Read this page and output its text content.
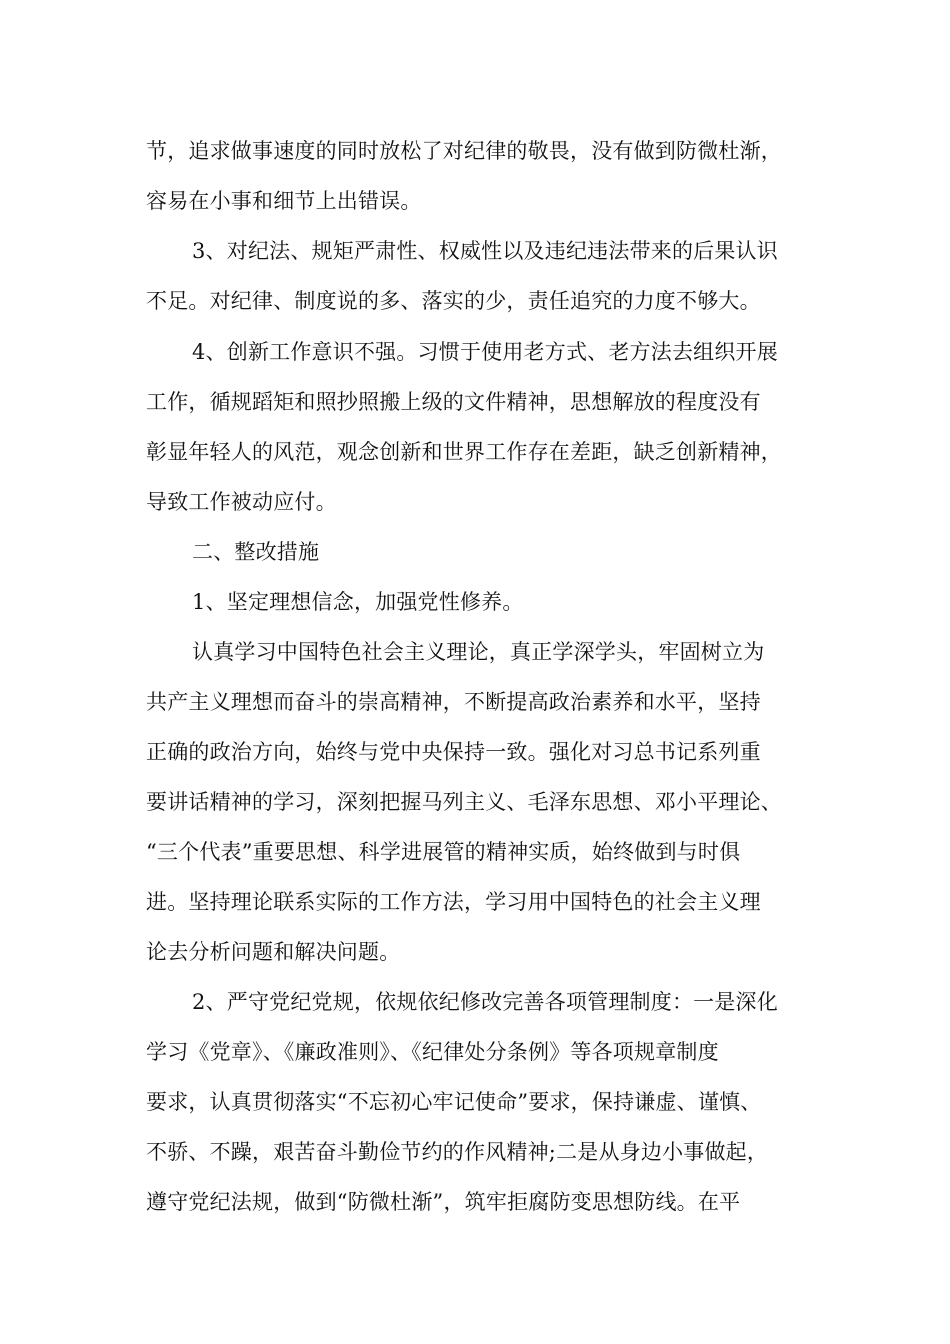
节，追求做事速度的同时放松了对纪律的敬畏，没有做到防微杜渐，
容易在小事和细节上出错误。
3、对纪法、规矩严肃性、权威性以及违纪违法带来的后果认识
不足。对纪律、制度说的多、落实的少，责任追究的力度不够大。
4、创新工作意识不强。习惯于使用老方式、老方法去组织开展
工作，循规蹈矩和照抄照搬上级的文件精神，思想解放的程度没有
彰显年轻人的风范，观念创新和世界工作存在差距，缺乏创新精神，
导致工作被动应付。
二、整改措施
1、坚定理想信念，加强党性修养。
认真学习中国特色社会主义理论，真正学深学头，牢固树立为
共产主义理想而奋斗的崇高精神，不断提高政治素养和水平，坚持
正确的政治方向，始终与党中央保持一致。强化对习总书记系列重
要讲话精神的学习，深刻把握马列主义、毛泽东思想、邓小平理论、
“三个代表”重要思想、科学进展管的精神实质，始终做到与时俱
进。坚持理论联系实际的工作方法，学习用中国特色的社会主义理
论去分析问题和解决问题。
2、严守党纪党规，依规依纪修改完善各项管理制度：一是深化
学习《党章》、《廉政准则》、《纪律处分条例》等各项规章制度
要求，认真贯彻落实“不忘初心牢记使命”要求，保持谦虚、谨慎、
不骄、不躁，艰苦奋斗勤俭节约的作风精神;二是从身边小事做起，
遵守党纪法规，做到“防微杜渐”，筑牢拒腐防变思想防线。在平
